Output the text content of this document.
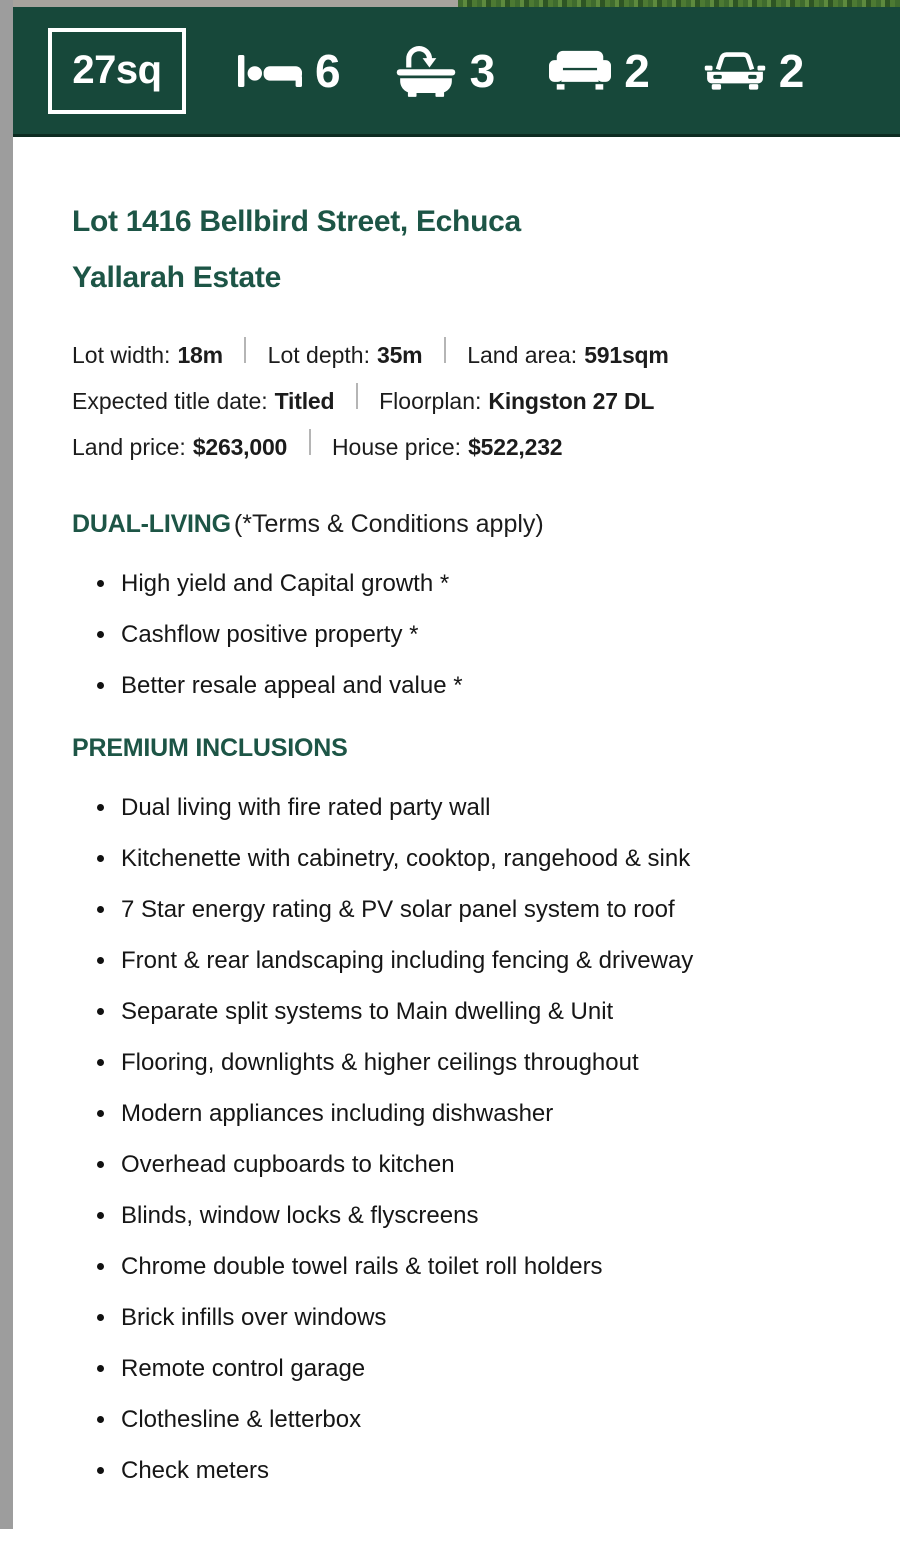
27sq	6	3	2	2
Lot 1416 Bellbird Street, Echuca
Yallarah Estate

Lot width: 18m Lot depth: 35m Land area: 591sqm

Expected title date: Titled Floorplan: Kingston 27 DL

Land price: $263,000 House price: $522,232

DUAL-LIVING (*Terms & Conditions apply)
High yield and Capital growth *
Cashflow positive property *
Better resale appeal and value *
PREMIUM INCLUSIONS
Dual living with fire rated party wall
Kitchenette with cabinetry, cooktop, rangehood & sink
7 Star energy rating & PV solar panel system to roof
Front & rear landscaping including fencing & driveway
Separate split systems to Main dwelling & Unit
Flooring, downlights & higher ceilings throughout
Modern appliances including dishwasher
Overhead cupboards to kitchen
Blinds, window locks & flyscreens
Chrome double towel rails & toilet roll holders
Brick infills over windows
Remote control garage
Clothesline & letterbox
Check meters
